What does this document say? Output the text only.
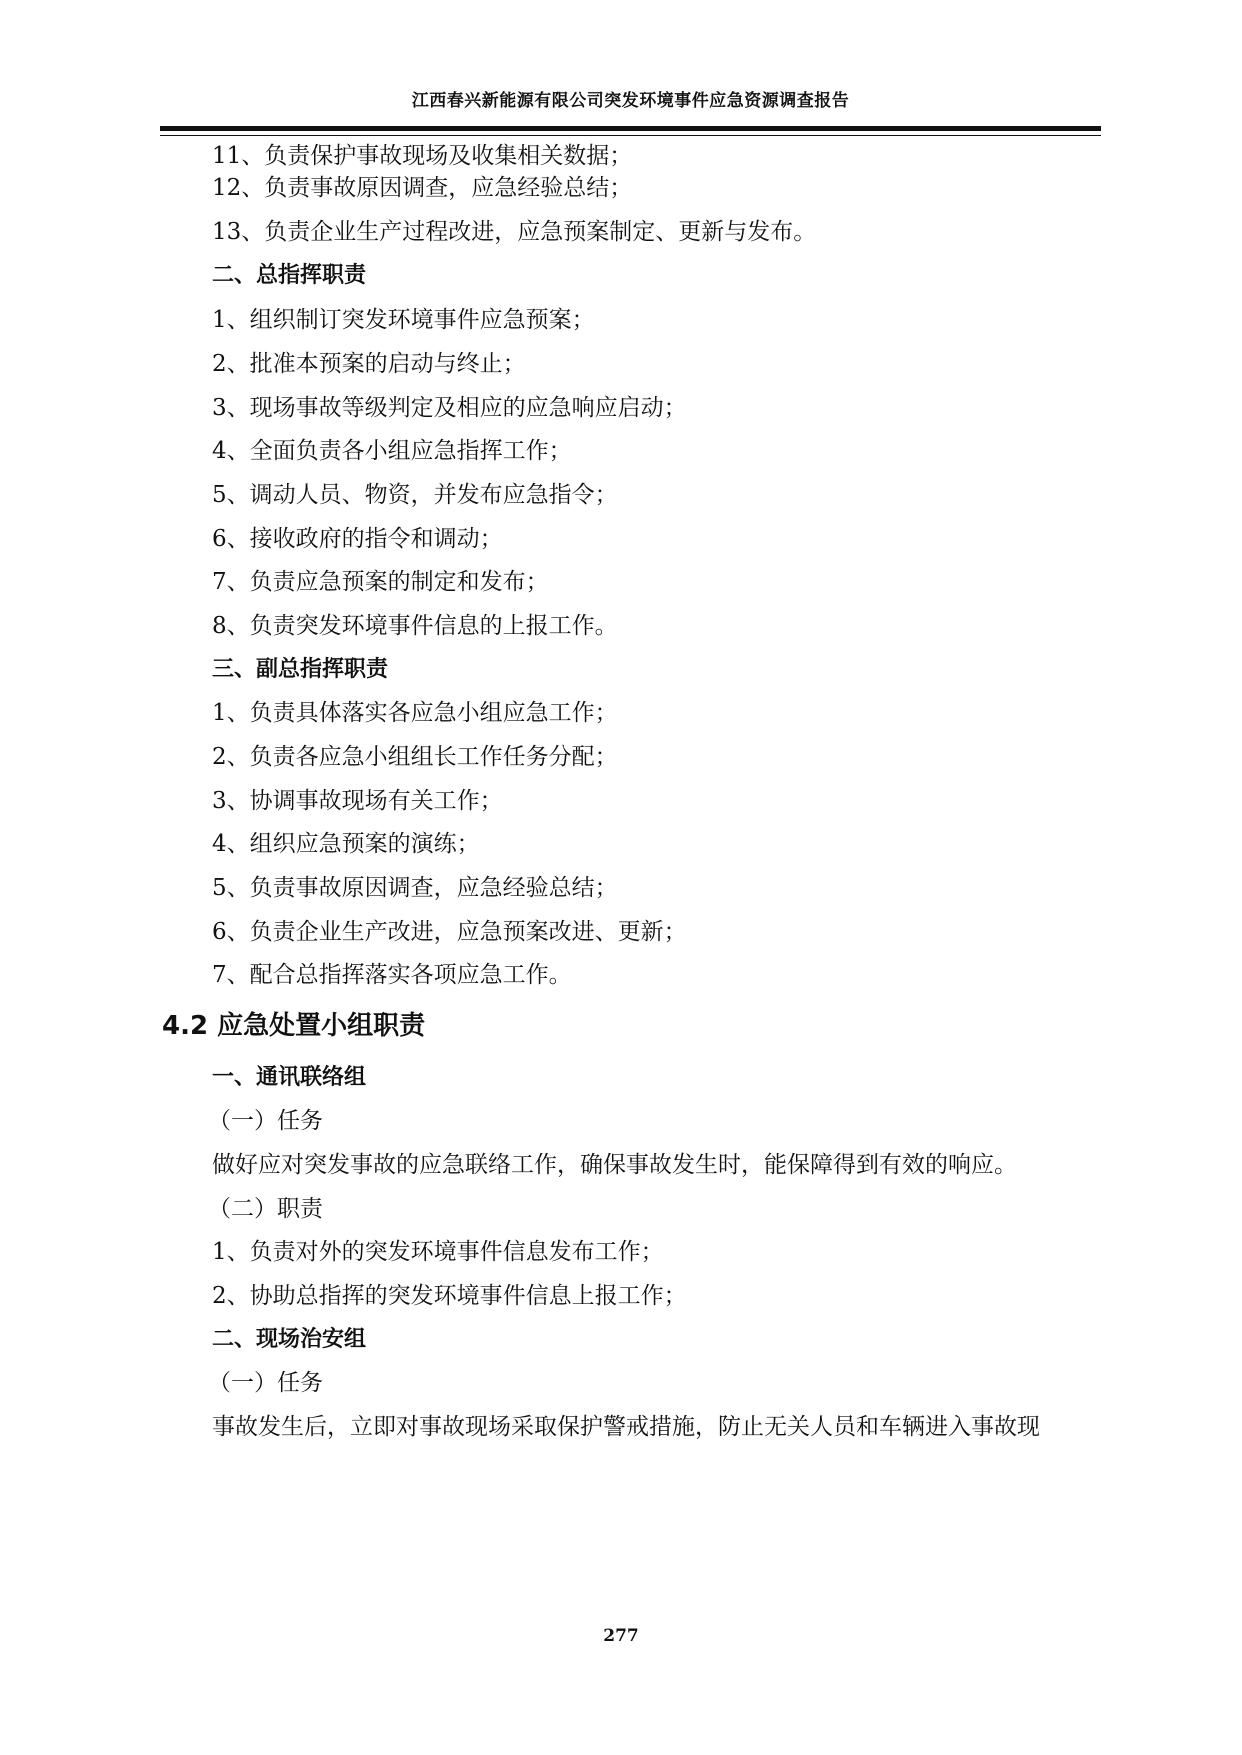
江西春兴新能源有限公司突发环境事件应急资源调查报告
11、负责保护事故现场及收集相关数据；
12、负责事故原因调查，应急经验总结；
13、负责企业生产过程改进，应急预案制定、更新与发布。
二、总指挥职责
1、组织制订突发环境事件应急预案；
2、批准本预案的启动与终止；
3、现场事故等级判定及相应的应急响应启动；
4、全面负责各小组应急指挥工作；
5、调动人员、物资，并发布应急指令；
6、接收政府的指令和调动；
7、负责应急预案的制定和发布；
8、负责突发环境事件信息的上报工作。
三、副总指挥职责
1、负责具体落实各应急小组应急工作；
2、负责各应急小组组长工作任务分配；
3、协调事故现场有关工作；
4、组织应急预案的演练；
5、负责事故原因调查，应急经验总结；
6、负责企业生产改进，应急预案改进、更新；
7、配合总指挥落实各项应急工作。
4.2 应急处置小组职责
一、通讯联络组
（一）任务
做好应对突发事故的应急联络工作，确保事故发生时，能保障得到有效的响应。
（二）职责
1、负责对外的突发环境事件信息发布工作；
2、协助总指挥的突发环境事件信息上报工作；
二、现场治安组
（一）任务
事故发生后，立即对事故现场采取保护警戒措施，防止无关人员和车辆进入事故现
277
